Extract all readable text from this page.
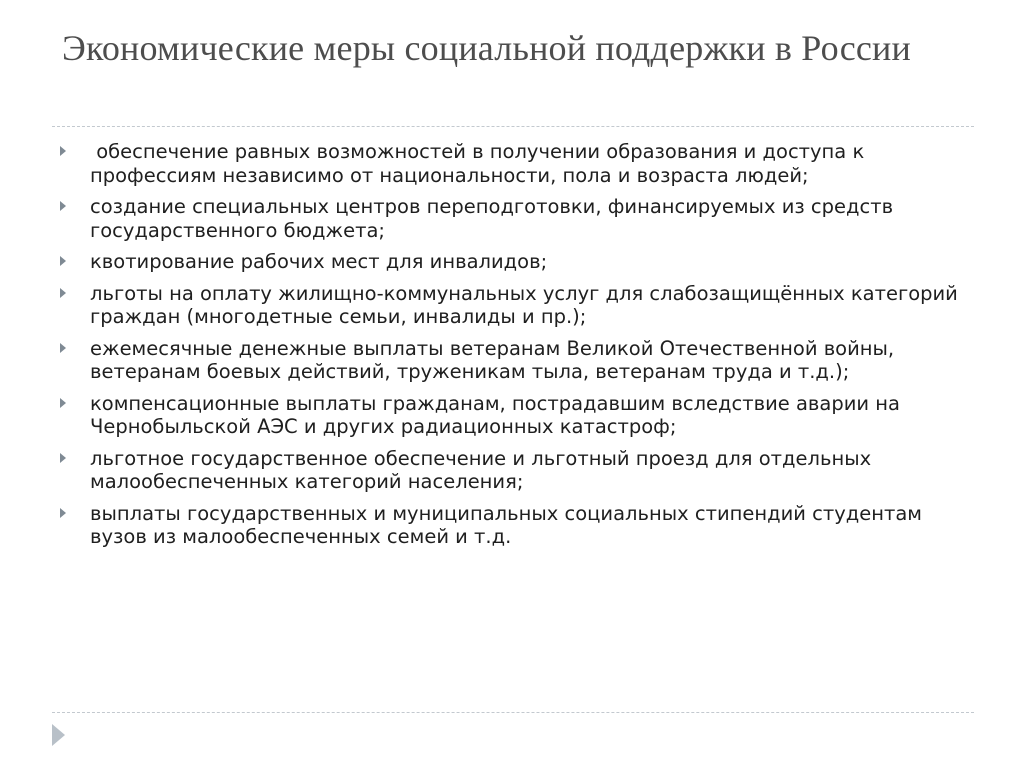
Экономические меры социальной поддержки в России
обеспечение равных возможностей в получении образования и доступа к профессиям независимо от национальности, пола и возраста людей;
создание специальных центров переподготовки, финансируемых из средств государственного бюджета;
квотирование рабочих мест для инвалидов;
льготы на оплату жилищно-коммунальных услуг для слабозащищённых категорий граждан (многодетные семьи, инвалиды и пр.);
ежемесячные денежные выплаты ветеранам Великой Отечественной войны, ветеранам боевых действий, труженикам тыла, ветеранам труда и т.д.);
компенсационные выплаты гражданам, пострадавшим вследствие аварии на Чернобыльской АЭС и других радиационных катастроф;
льготное государственное обеспечение и льготный проезд для отдельных малообеспеченных категорий населения;
выплаты государственных и муниципальных социальных стипендий студентам вузов из малообеспеченных семей и т.д.
